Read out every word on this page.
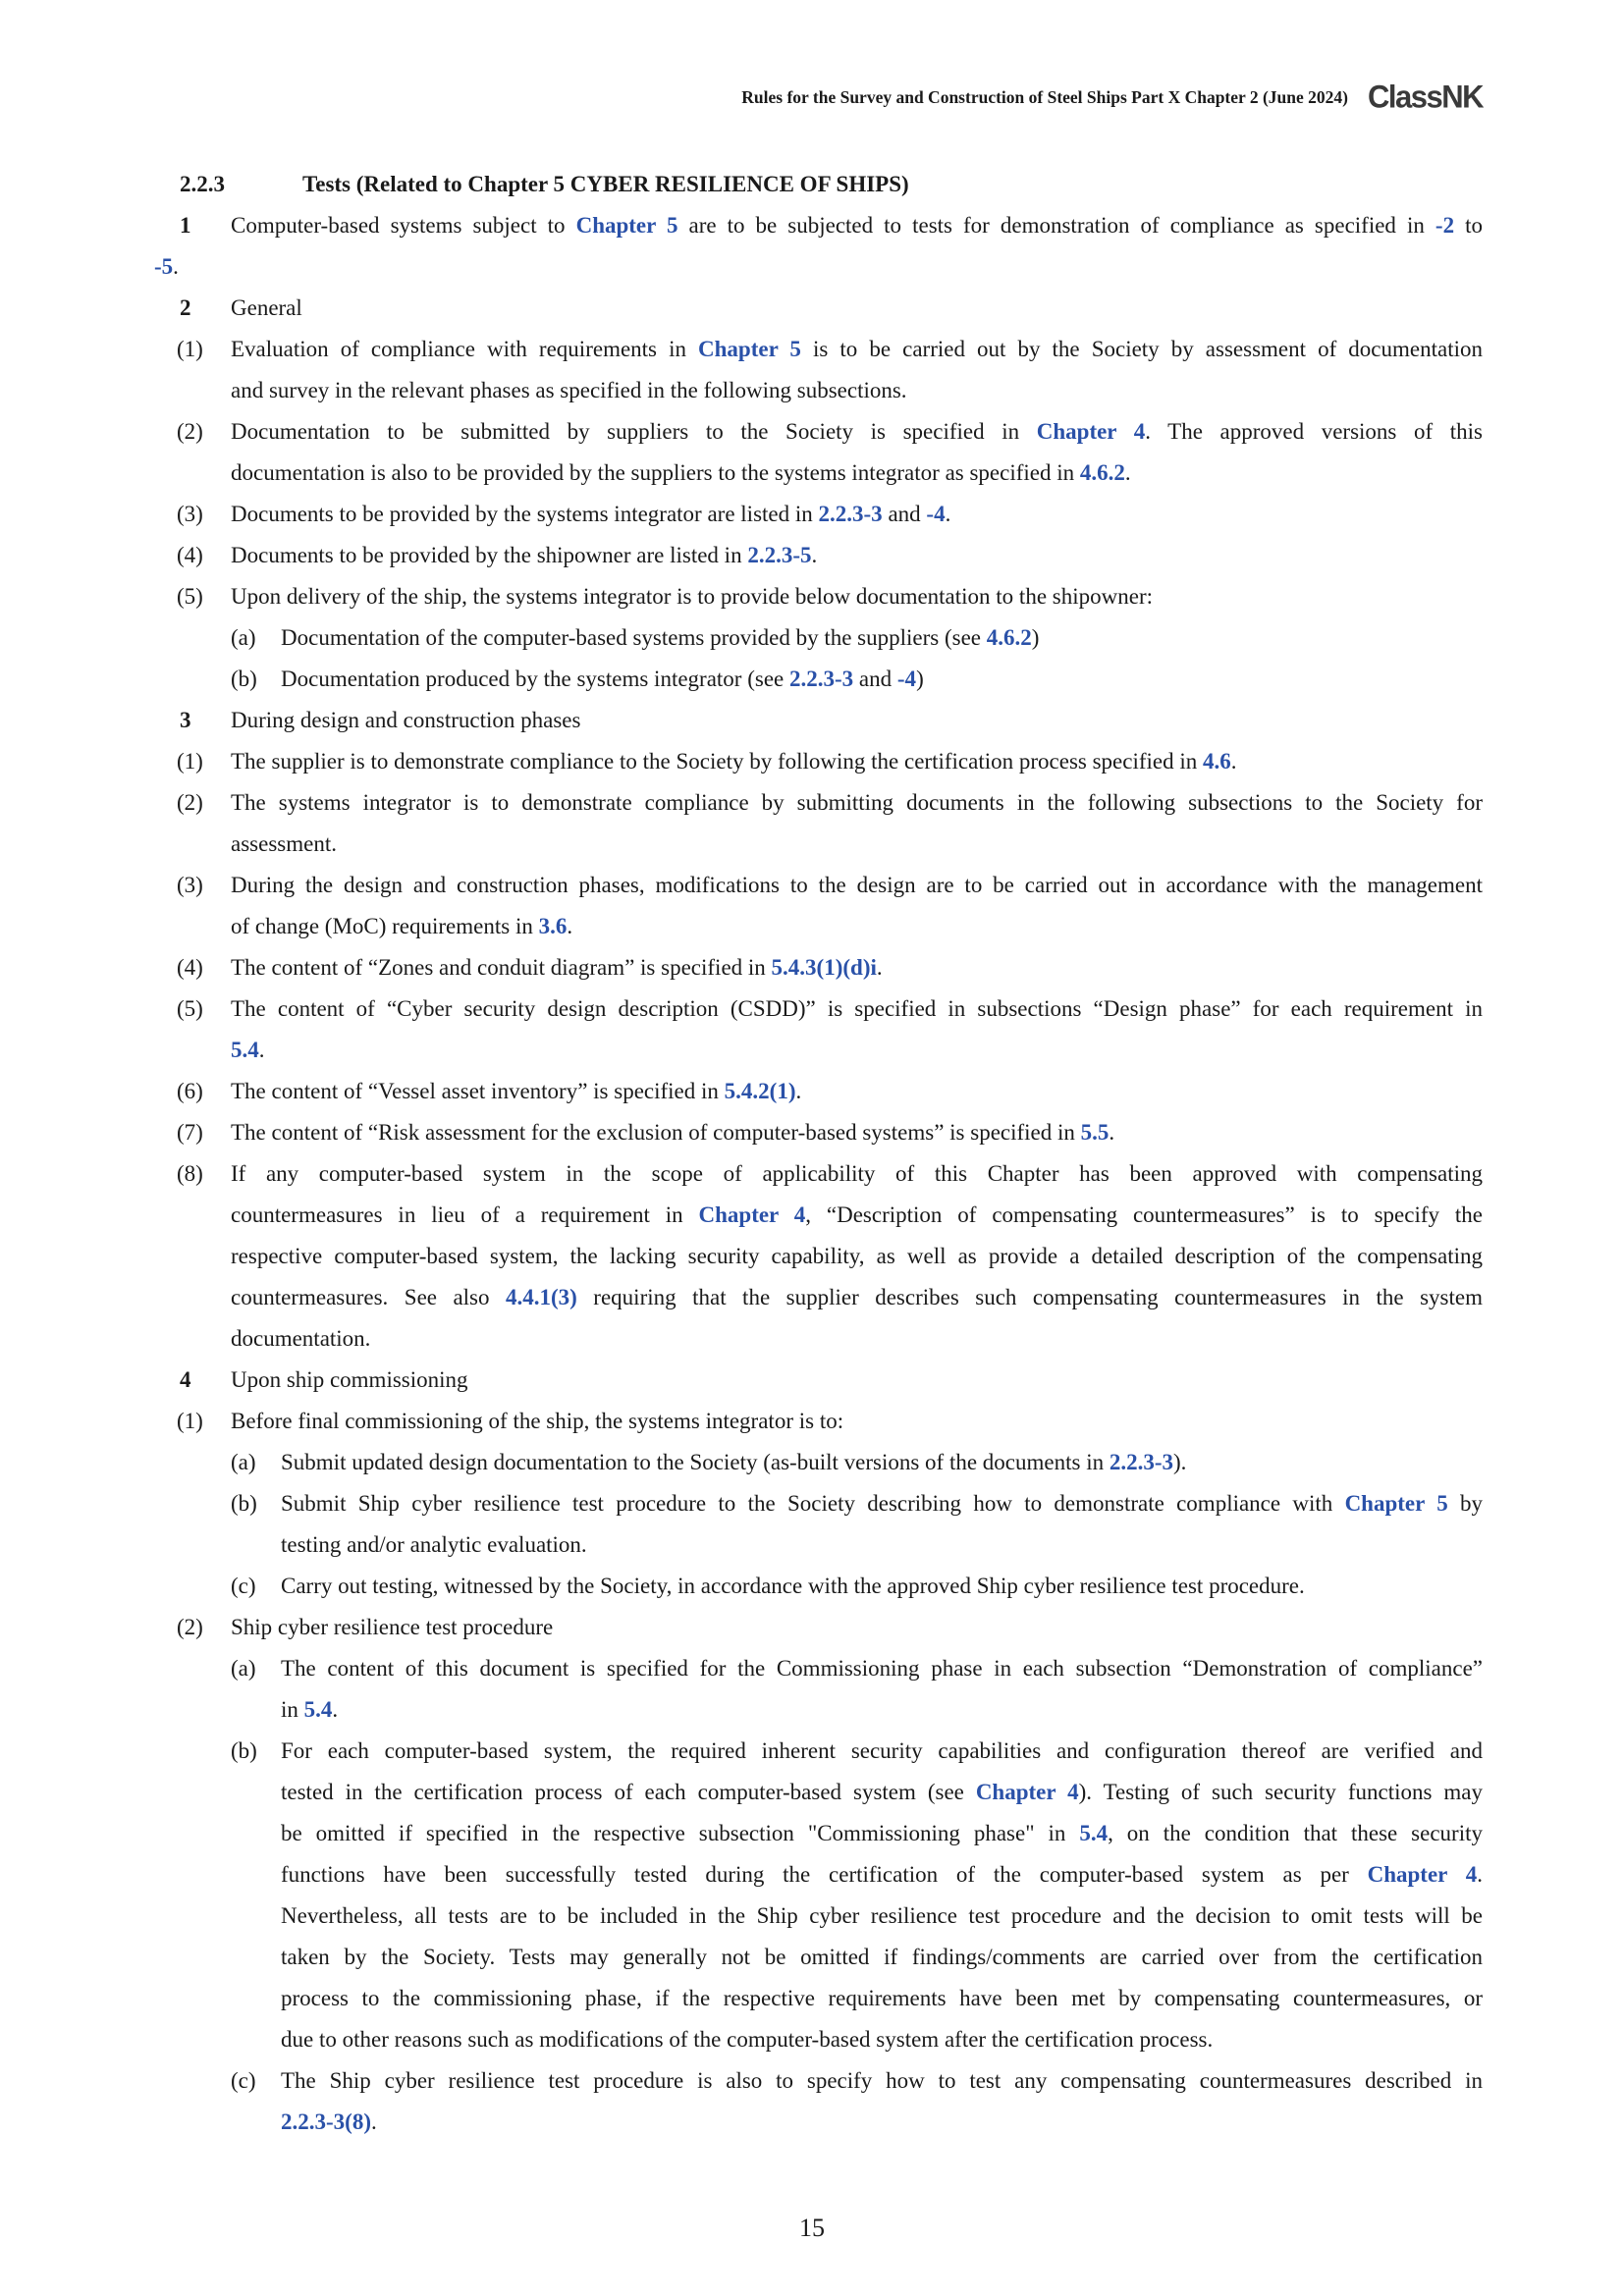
Rules for the Survey and Construction of Steel Ships Part X Chapter 2 (June 2024) ClassNK
2.2.3	Tests (Related to Chapter 5 CYBER RESILIENCE OF SHIPS)
1 Computer-based systems subject to Chapter 5 are to be subjected to tests for demonstration of compliance as specified in -2 to
-5.
2 General
(1) Evaluation of compliance with requirements in Chapter 5 is to be carried out by the Society by assessment of documentation
and survey in the relevant phases as specified in the following subsections.
(2) Documentation to be submitted by suppliers to the Society is specified in Chapter 4. The approved versions of this
documentation is also to be provided by the suppliers to the systems integrator as specified in 4.6.2.
(3) Documents to be provided by the systems integrator are listed in 2.2.3-3 and -4.
(4) Documents to be provided by the shipowner are listed in 2.2.3-5.
(5) Upon delivery of the ship, the systems integrator is to provide below documentation to the shipowner:
(a) Documentation of the computer-based systems provided by the suppliers (see 4.6.2)
(b) Documentation produced by the systems integrator (see 2.2.3-3 and -4)
3 During design and construction phases
(1) The supplier is to demonstrate compliance to the Society by following the certification process specified in 4.6.
(2) The systems integrator is to demonstrate compliance by submitting documents in the following subsections to the Society for
assessment.
(3) During the design and construction phases, modifications to the design are to be carried out in accordance with the management
of change (MoC) requirements in 3.6.
(4) The content of “Zones and conduit diagram” is specified in 5.4.3(1)(d)i.
(5) The content of “Cyber security design description (CSDD)” is specified in subsections “Design phase” for each requirement in
5.4.
(6) The content of “Vessel asset inventory” is specified in 5.4.2(1).
(7) The content of “Risk assessment for the exclusion of computer-based systems” is specified in 5.5.
(8) If any computer-based system in the scope of applicability of this Chapter has been approved with compensating
countermeasures in lieu of a requirement in Chapter 4, “Description of compensating countermeasures” is to specify the
respective computer-based system, the lacking security capability, as well as provide a detailed description of the compensating
countermeasures. See also 4.4.1(3) requiring that the supplier describes such compensating countermeasures in the system
documentation.
4 Upon ship commissioning
(1) Before final commissioning of the ship, the systems integrator is to:
(a) Submit updated design documentation to the Society (as-built versions of the documents in 2.2.3-3).
(b) Submit Ship cyber resilience test procedure to the Society describing how to demonstrate compliance with Chapter 5 by
testing and/or analytic evaluation.
(c) Carry out testing, witnessed by the Society, in accordance with the approved Ship cyber resilience test procedure.
(2) Ship cyber resilience test procedure
(a) The content of this document is specified for the Commissioning phase in each subsection “Demonstration of compliance”
in 5.4.
(b) For each computer-based system, the required inherent security capabilities and configuration thereof are verified and
tested in the certification process of each computer-based system (see Chapter 4). Testing of such security functions may
be omitted if specified in the respective subsection "Commissioning phase" in 5.4, on the condition that these security
functions have been successfully tested during the certification of the computer-based system as per Chapter 4.
Nevertheless, all tests are to be included in the Ship cyber resilience test procedure and the decision to omit tests will be
taken by the Society. Tests may generally not be omitted if findings/comments are carried over from the certification
process to the commissioning phase, if the respective requirements have been met by compensating countermeasures, or
due to other reasons such as modifications of the computer-based system after the certification process.
(c) The Ship cyber resilience test procedure is also to specify how to test any compensating countermeasures described in
2.2.3-3(8).
15
